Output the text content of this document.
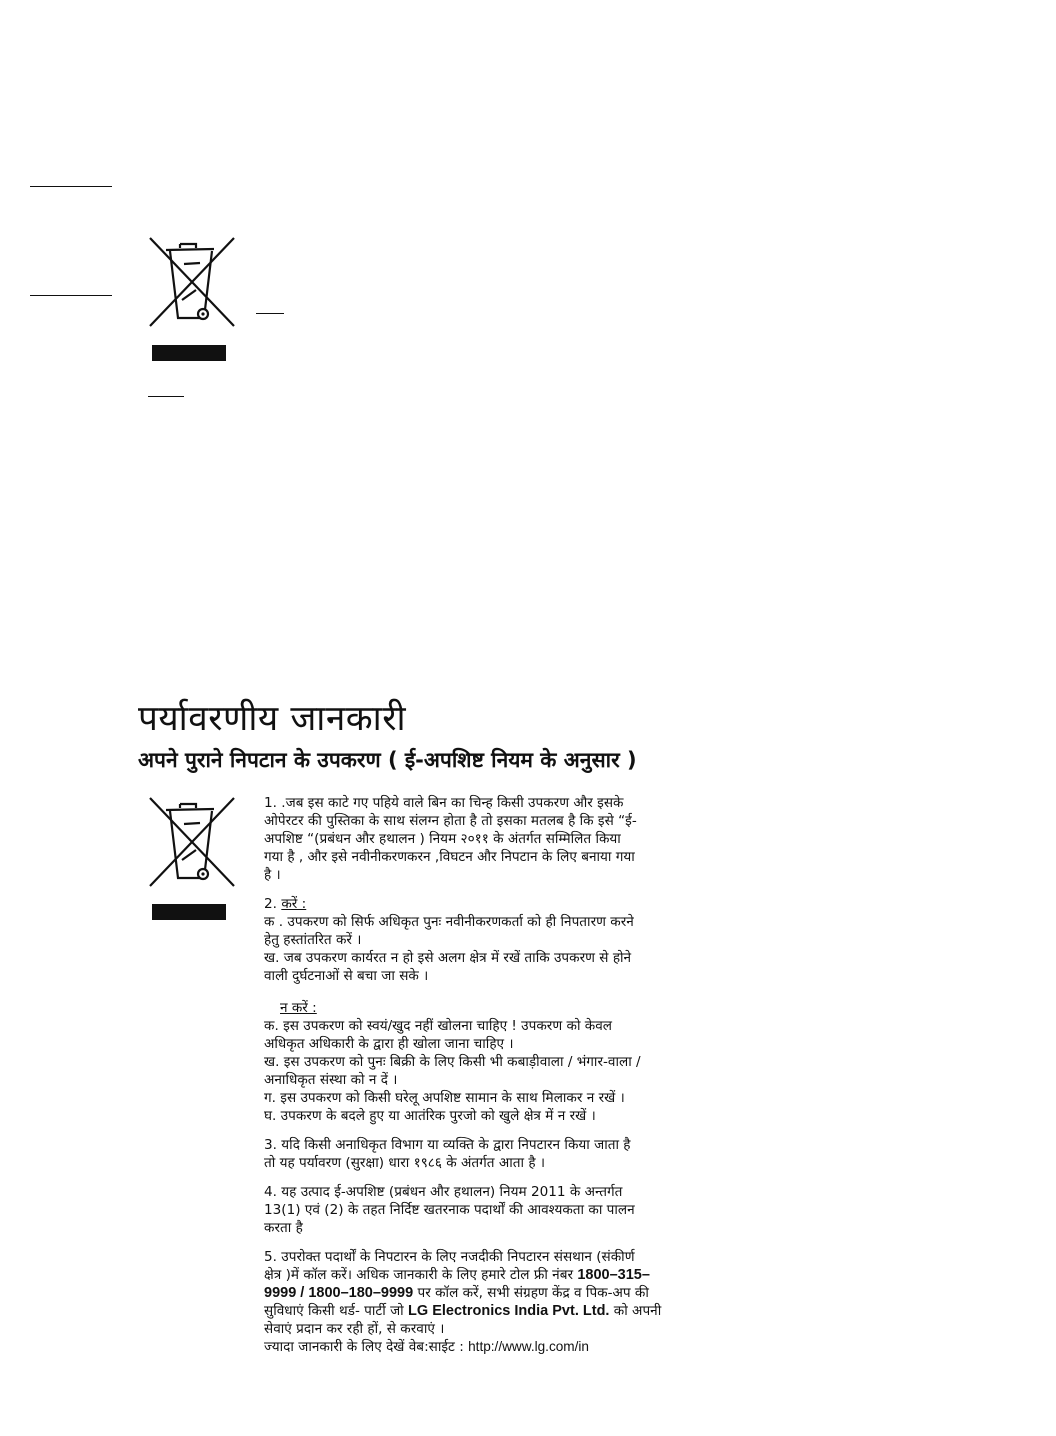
पर्यावरणीय जानकारी
अपने पुराने निपटान के उपकरण ( ई-अपशिष्ट नियम के अनुसार )
1. .जब इस काटे गए पहिये वाले बिन का चिन्ह किसी उपकरण और इसके
ओपेरटर की पुस्तिका के साथ संलग्न होता है तो इसका मतलब है कि इसे “ई-
अपशिष्ट “(प्रबंधन और हथालन ) नियम २०११ के अंतर्गत सम्मिलित किया
गया है , और इसे नवीनीकरणकरन ,विघटन और निपटान के लिए बनाया गया
है ।
2. करें :
क . उपकरण को सिर्फ अधिकृत पुनः नवीनीकरणकर्ता को ही निपतारण करने
हेतु हस्तांतरित करें ।
ख. जब उपकरण कार्यरत न हो इसे अलग क्षेत्र में रखें ताकि उपकरण से होने
वाली दुर्घटनाओं से बचा जा सके ।
न करें :
क. इस उपकरण को स्वयं/खुद नहीं खोलना चाहिए ! उपकरण को केवल
अधिकृत अधिकारी के द्वारा ही खोला जाना चाहिए ।
ख. इस उपकरण को पुनः बिक्री के लिए किसी भी कबाड़ीवाला / भंगार-वाला /
अनाधिकृत संस्था को न दें ।
ग. इस उपकरण को किसी घरेलू अपशिष्ट सामान के साथ मिलाकर न रखें ।
घ. उपकरण के बदले हुए या आतंरिक पुरजो को खुले क्षेत्र में न रखें ।
3. यदि किसी अनाधिकृत विभाग या व्यक्ति के द्वारा निपटारन किया जाता है
तो यह पर्यावरण (सुरक्षा) धारा १९८६ के अंतर्गत आता है ।
4. यह उत्पाद ई-अपशिष्ट (प्रबंधन और हथालन) नियम 2011 के अन्तर्गत
13(1) एवं (2) के तहत निर्दिष्ट खतरनाक पदार्थों की आवश्यकता का पालन
करता है
5. उपरोक्त पदार्थों के निपटारन के लिए नजदीकी निपटारन संसथान (संकीर्ण
क्षेत्र )में कॉल करें। अधिक जानकारी के लिए हमारे टोल फ्री नंबर 1800–315–
9999 / 1800–180–9999 पर कॉल करें, सभी संग्रहण केंद्र व पिक-अप की
सुविधाएं किसी थर्ड- पार्टी जो LG Electronics India Pvt. Ltd. को अपनी
सेवाएं प्रदान कर रही हों, से करवाएं ।
ज्यादा जानकारी के लिए देखें वेब:साईट : http://www.lg.com/in
